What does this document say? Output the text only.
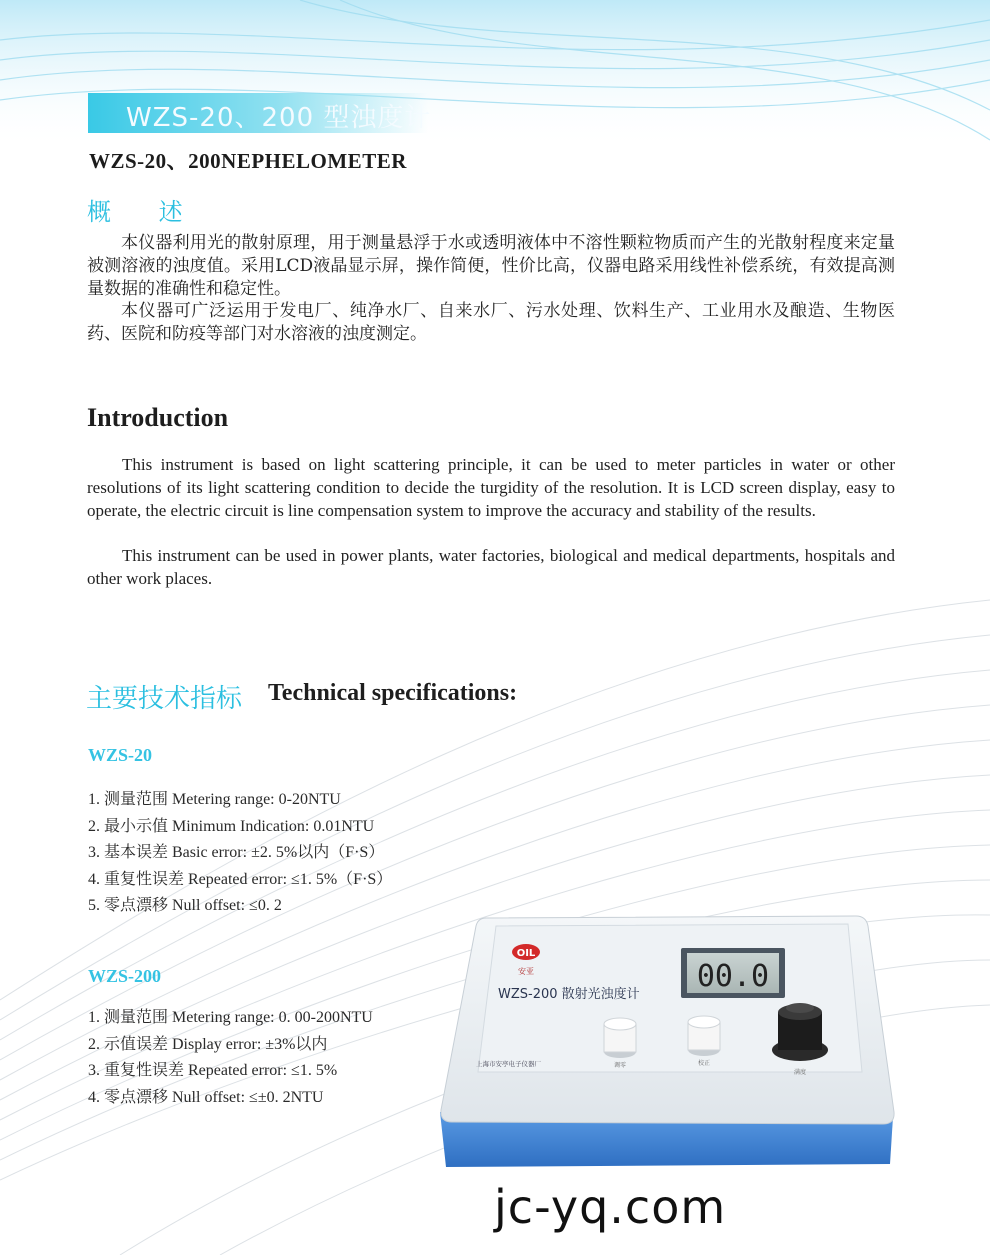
WZS-20、200 型浊度计
WZS-20、200NEPHELOMETER
概 述

本仪器利用光的散射原理，用于测量悬浮于水或透明液体中不溶性颗粒物质而产生的光散射程度来定量被测溶液的浊度值。采用LCD液晶显示屏，操作简便，性价比高，仪器电路采用线性补偿系统，有效提高测量数据的准确性和稳定性。

本仪器可广泛运用于发电厂、纯净水厂、自来水厂、污水处理、饮料生产、工业用水及酿造、生物医药、医院和防疫等部门对水溶液的浊度测定。

Introduction

This instrument is based on light scattering principle, it can be used to meter particles in water or other resolutions of its light scattering condition to decide the turgidity of the resolution. It is LCD screen display, easy to operate, the electric circuit is line compensation system to improve the accuracy and stability of the results.

This instrument can be used in power plants, water factories, biological and medical departments, hospitals and other work places.

主要技术指标 Technical specifications:
WZS-20
1. 测量范围 Metering range: 0-20NTU
2. 最小示值 Minimum Indication: 0.01NTU
3. 基本误差 Basic error: ±2. 5%以内（F·S）
4. 重复性误差 Repeated error: ≤1. 5%（F·S）
5. 零点漂移 Null offset: ≤0. 2
WZS-200
1. 测量范围 Metering range: 0. 00-200NTU
2. 示值误差 Display error: ±3%以内
3. 重复性误差 Repeated error: ≤1. 5%
4. 零点漂移 Null offset: ≤±0. 2NTU
OIL
安亚
WZS-200 散射光浊度计
00.0
调零	校正
满度
上海市安亭电子仪器厂
jc-yq.com
